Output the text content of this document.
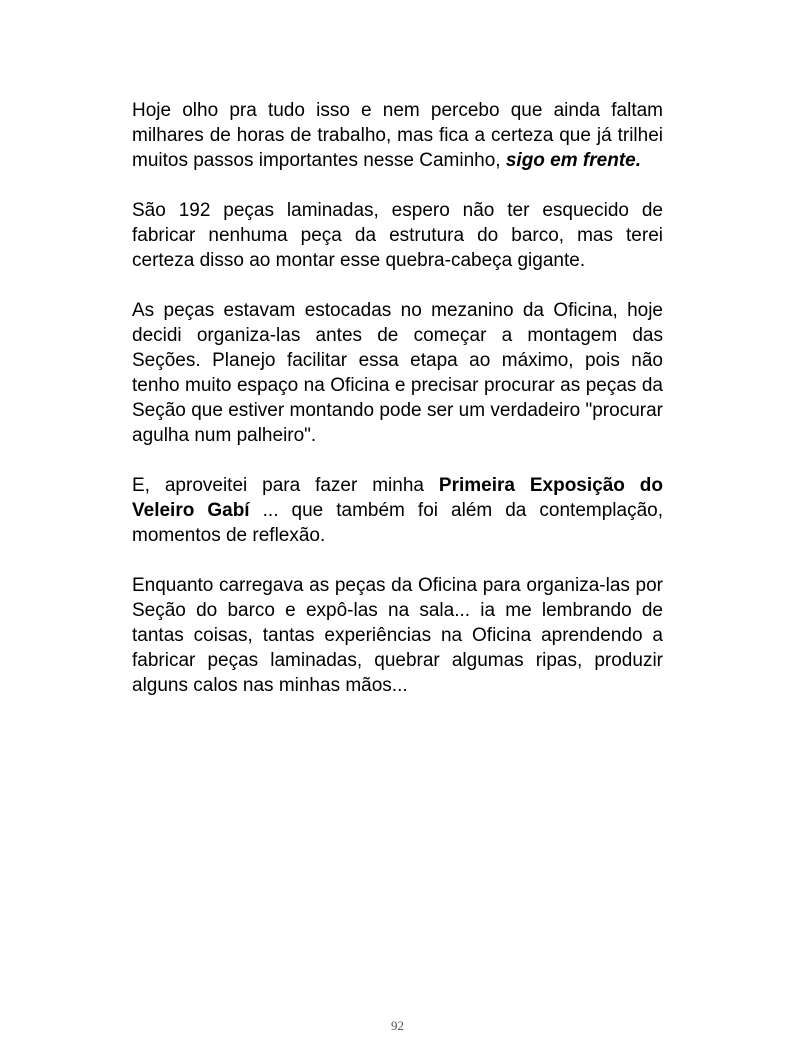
Hoje olho pra tudo isso e nem percebo que ainda faltam milhares de horas de trabalho, mas fica a certeza que já trilhei muitos passos importantes nesse Caminho, sigo em frente.

São 192 peças laminadas, espero não ter esquecido de fabricar nenhuma peça da estrutura do barco, mas terei certeza disso ao montar esse quebra-cabeça gigante.

As peças estavam estocadas no mezanino da Oficina, hoje decidi organiza-las antes de começar a montagem das Seções. Planejo facilitar essa etapa ao máximo, pois não tenho muito espaço na Oficina e precisar procurar as peças da Seção que estiver montando pode ser um verdadeiro "procurar agulha num palheiro".

E, aproveitei para fazer minha Primeira Exposição do Veleiro Gabí ... que também foi além da contemplação, momentos de reflexão.

Enquanto carregava as peças da Oficina para organiza-las por Seção do barco e expô-las na sala... ia me lembrando de tantas coisas, tantas experiências na Oficina aprendendo a fabricar peças laminadas, quebrar algumas ripas, produzir alguns calos nas minhas mãos...

92
